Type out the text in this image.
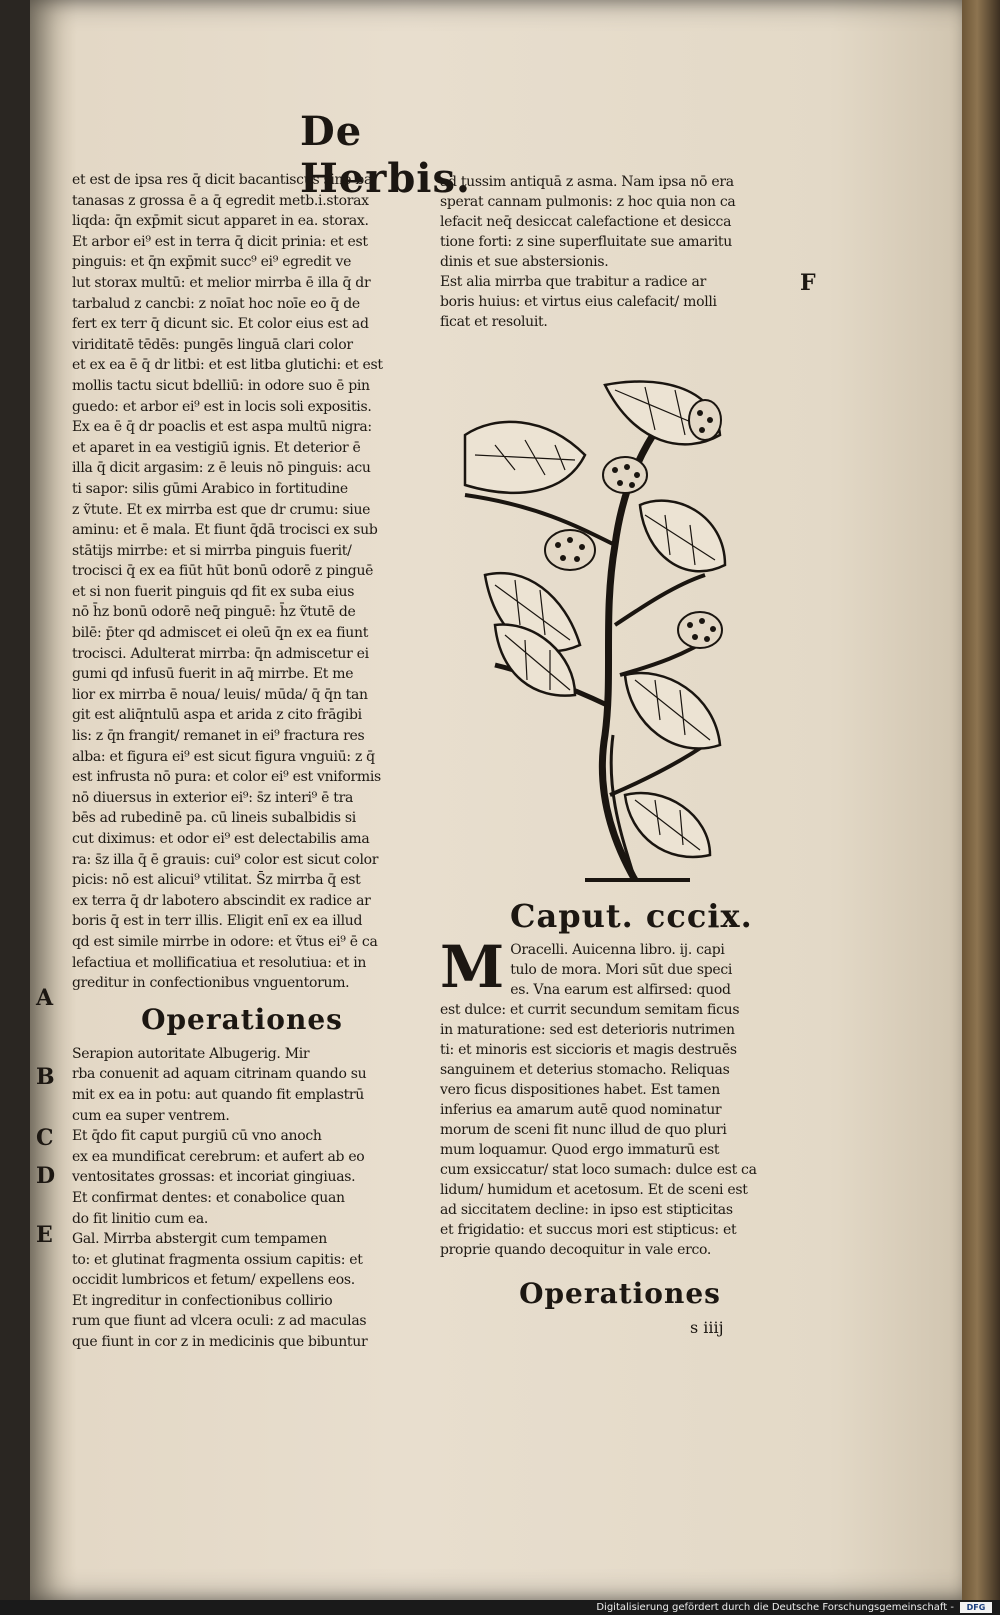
De Herbis.
et est de ipsa res q̄ dicit bacantiscus sine ba
tanasas z grossa ē a q̄ egredit metb.i.storax
liqda: q̄n exp̄mit sicut apparet in ea. storax.
Et arbor ei⁹ est in terra q̄ dicit prinia: et est
pinguis: et q̄n exp̄mit succ⁹ ei⁹ egredit ve
lut storax multū: et melior mirrba ē illa q̄ dr
tarbalud z cancbi: z noīat hoc noīe eo q̄ de
fert ex terr q̄ dicunt sic. Et color eius est ad
viriditatē tēdēs: pungēs linguā clari color
et ex ea ē q̄ dr litbi: et est litba glutichi: et est
mollis tactu sicut bdelliū: in odore suo ē pin
guedo: et arbor ei⁹ est in locis soli expositis.
Ex ea ē q̄ dr poaclis et est aspa multū nigra:
et aparet in ea vestigiū ignis. Et deterior ē
illa q̄ dicit argasim: z ē leuis nō pinguis: acu
ti sapor: silis gūmi Arabico in fortitudine
z ṽtute. Et ex mirrba est que dr crumu: siue
aminu: et ē mala. Et fiunt q̄dā trocisci ex sub
stātijs mirrbe: et si mirrba pinguis fuerit/
trocisci q̄ ex ea fiūt hūt bonū odorē z pinguē
et si non fuerit pinguis qd fit ex suba eius
nō h̄z bonū odorē neq̄ pinguē: h̄z ṽtutē de
bilē: p̄ter qd admiscet ei oleū q̄n ex ea fiunt
trocisci. Adulterat mirrba: q̄n admiscetur ei
gumi qd infusū fuerit in aq̄ mirrbe. Et me
lior ex mirrba ē noua/ leuis/ mūda/ q̄ q̄n tan
git est aliq̄ntulū aspa et arida z cito frāgibi
lis: z q̄n frangit/ remanet in ei⁹ fractura res
alba: et figura ei⁹ est sicut figura vnguiū: z q̄
est infrusta nō pura: et color ei⁹ est vniformis
nō diuersus in exterior ei⁹: s̄z interi⁹ ē tra
bēs ad rubedinē pa. cū lineis subalbidis si
cut diximus: et odor ei⁹ est delectabilis ama
ra: s̄z illa q̄ ē grauis: cui⁹ color est sicut color
picis: nō est alicui⁹ vtilitat. S̄z mirrba q̄ est
ex terra q̄ dr labotero abscindit ex radice ar
boris q̄ est in terr illis. Eligit enī ex ea illud
qd est simile mirrbe in odore: et ṽtus ei⁹ ē ca
lefactiua et mollificatiua et resolutiua: et in
greditur in confectionibus vnguentorum.
Operationes
Serapion autoritate Albugerig. Mir
rba conuenit ad aquam citrinam quando su
mit ex ea in potu: aut quando fit emplastrū
cum ea super ventrem.
Et q̄do fit caput purgiū cū vno anoch
ex ea mundificat cerebrum: et aufert ab eo
ventositates grossas: et incoriat gingiuas.
Et confirmat dentes: et conabolice quan
do fit linitio cum ea.
Gal. Mirrba abstergit cum tempamen
to: et glutinat fragmenta ossium capitis: et
occidit lumbricos et fetum/ expellens eos.
Et ingreditur in confectionibus collirio
rum que fiunt ad vlcera oculi: z ad maculas
que fiunt in cor z in medicinis que bibuntur
A
B
C
D
E
ad tussim antiquā z asma. Nam ipsa nō era
sperat cannam pulmonis: z hoc quia non ca
lefacit neq̄ desiccat calefactione et desicca
tione forti: z sine superfluitate sue amaritu
dinis et sue abstersionis.
Est alia mirrba que trabitur a radice ar
boris huius: et virtus eius calefacit/ molli
ficat et resoluit.
F
Caput. cccix.
M Oracelli. Auicenna libro. ij. capi
tulo de mora. Mori sūt due speci
es. Vna earum est alfirsed: quod
est dulce: et currit secundum semitam ficus
in maturatione: sed est deterioris nutrimen
ti: et minoris est siccioris et magis destruēs
sanguinem et deterius stomacho. Reliquas
vero ficus dispositiones habet. Est tamen
inferius ea amarum autē quod nominatur
morum de sceni fit nunc illud de quo pluri
mum loquamur. Quod ergo immaturū est
cum exsiccatur/ stat loco sumach: dulce est ca
lidum/ humidum et acetosum. Et de sceni est
ad siccitatem decline: in ipso est stipticitas
et frigidatio: et succus mori est stipticus: et
proprie quando decoquitur in vale erco.
Operationes
s iiij
Digitalisierung gefördert durch die Deutsche Forschungsgemeinschaft -	DFG
